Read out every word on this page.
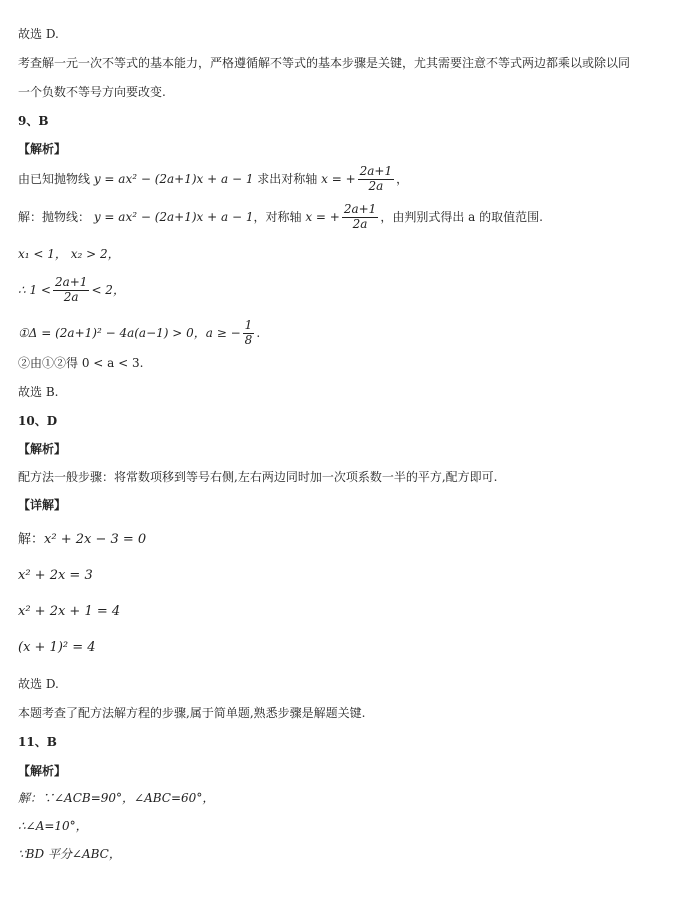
故选 D.
考查解一元一次不等式的基本能力，严格遵循解不等式的基本步骤是关键，尤其需要注意不等式两边都乘以或除以同
一个负数不等号方向要改变.
9、B
【解析】
由已知抛物线 y = ax² − (2a+1)x + a − 1 求出对称轴 x = + $\frac{2a+1}{2a}$ ，
解：抛物线： y = ax² − (2a+1)x + a − 1，对称轴 x = + $\frac{2a+1}{2a}$ ，由判别式得出 a 的取值范围.
x₁ < 1， x₂ > 2，
∴ $1 < \frac{2a+1}{2a} < 2$，
①Δ = (2a+1)² − 4a(a−1) > 0，a ≥ − $\frac{1}{8}$ .
②由①②得 0 < a < 3.
故选 B.
10、D
【解析】
配方法一般步骤：将常数项移到等号右侧,左右两边同时加一次项系数一半的平方,配方即可.
【详解】
解：x² + 2x − 3 = 0
x² + 2x = 3
x² + 2x + 1 = 4
(x + 1)² = 4
故选 D.
本题考查了配方法解方程的步骤,属于简单题,熟悉步骤是解题关键.
11、B
【解析】
解：∵∠ACB=90°，∠ABC=60°，
∴∠A=10°，
∵BD 平分∠ABC，
